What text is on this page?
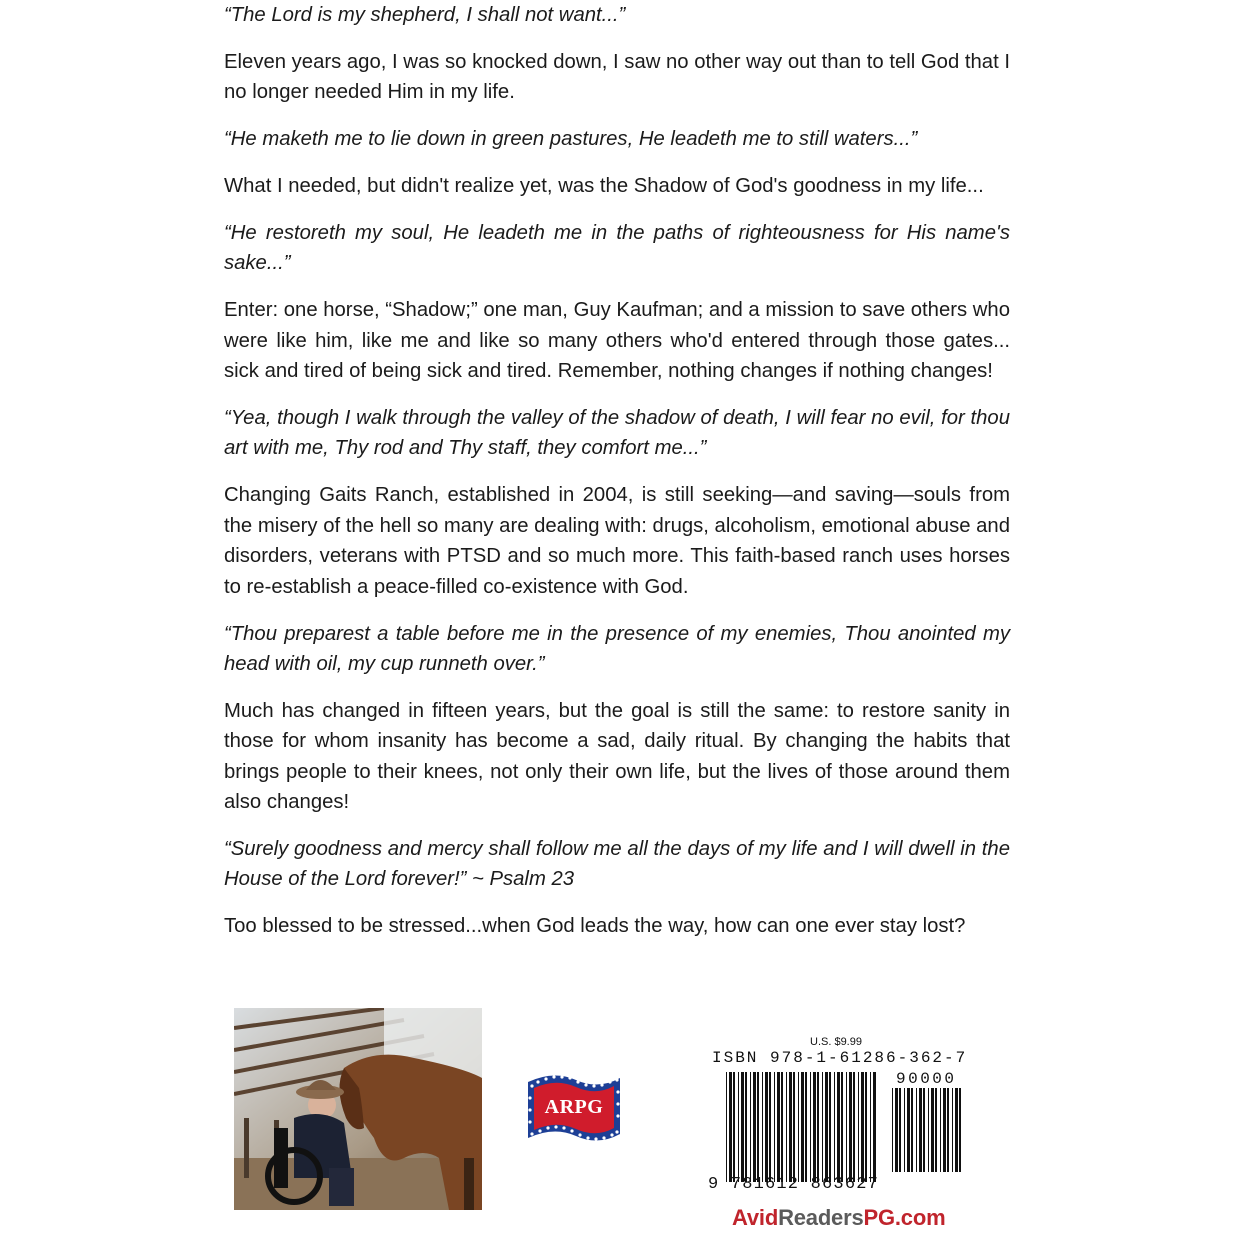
“The Lord is my shepherd, I shall not want...”

Eleven years ago, I was so knocked down, I saw no other way out than to tell God that I no longer needed Him in my life.

“He maketh me to lie down in green pastures, He leadeth me to still waters...”

What I needed, but didn't realize yet, was the Shadow of God's goodness in my life...

“He restoreth my soul, He leadeth me in the paths of righteousness for His name's sake...”

Enter: one horse, “Shadow;” one man, Guy Kaufman; and a mission to save others who were like him, like me and like so many others who'd entered through those gates... sick and tired of being sick and tired. Remember, nothing changes if nothing changes!

“Yea, though I walk through the valley of the shadow of death, I will fear no evil, for thou art with me, Thy rod and Thy staff, they comfort me...”

Changing Gaits Ranch, established in 2004, is still seeking—and saving—souls from the misery of the hell so many are dealing with: drugs, alcoholism, emotional abuse and disorders, veterans with PTSD and so much more. This faith-based ranch uses horses to re-establish a peace-filled co-existence with God.

“Thou preparest a table before me in the presence of my enemies, Thou anointed my head with oil, my cup runneth over.”

Much has changed in fifteen years, but the goal is still the same: to restore sanity in those for whom insanity has become a sad, daily ritual. By changing the habits that brings people to their knees, not only their own life, but the lives of those around them also changes!

“Surely goodness and mercy shall follow me all the days of my life and I will dwell in the House of the Lord forever!” ~ Psalm 23

Too blessed to be stressed...when God leads the way, how can one ever stay lost?

ARPG
U.S. $9.99
ISBN 978-1-61286-362-7
90000
9 781612 863627
AvidReadersPG.com
